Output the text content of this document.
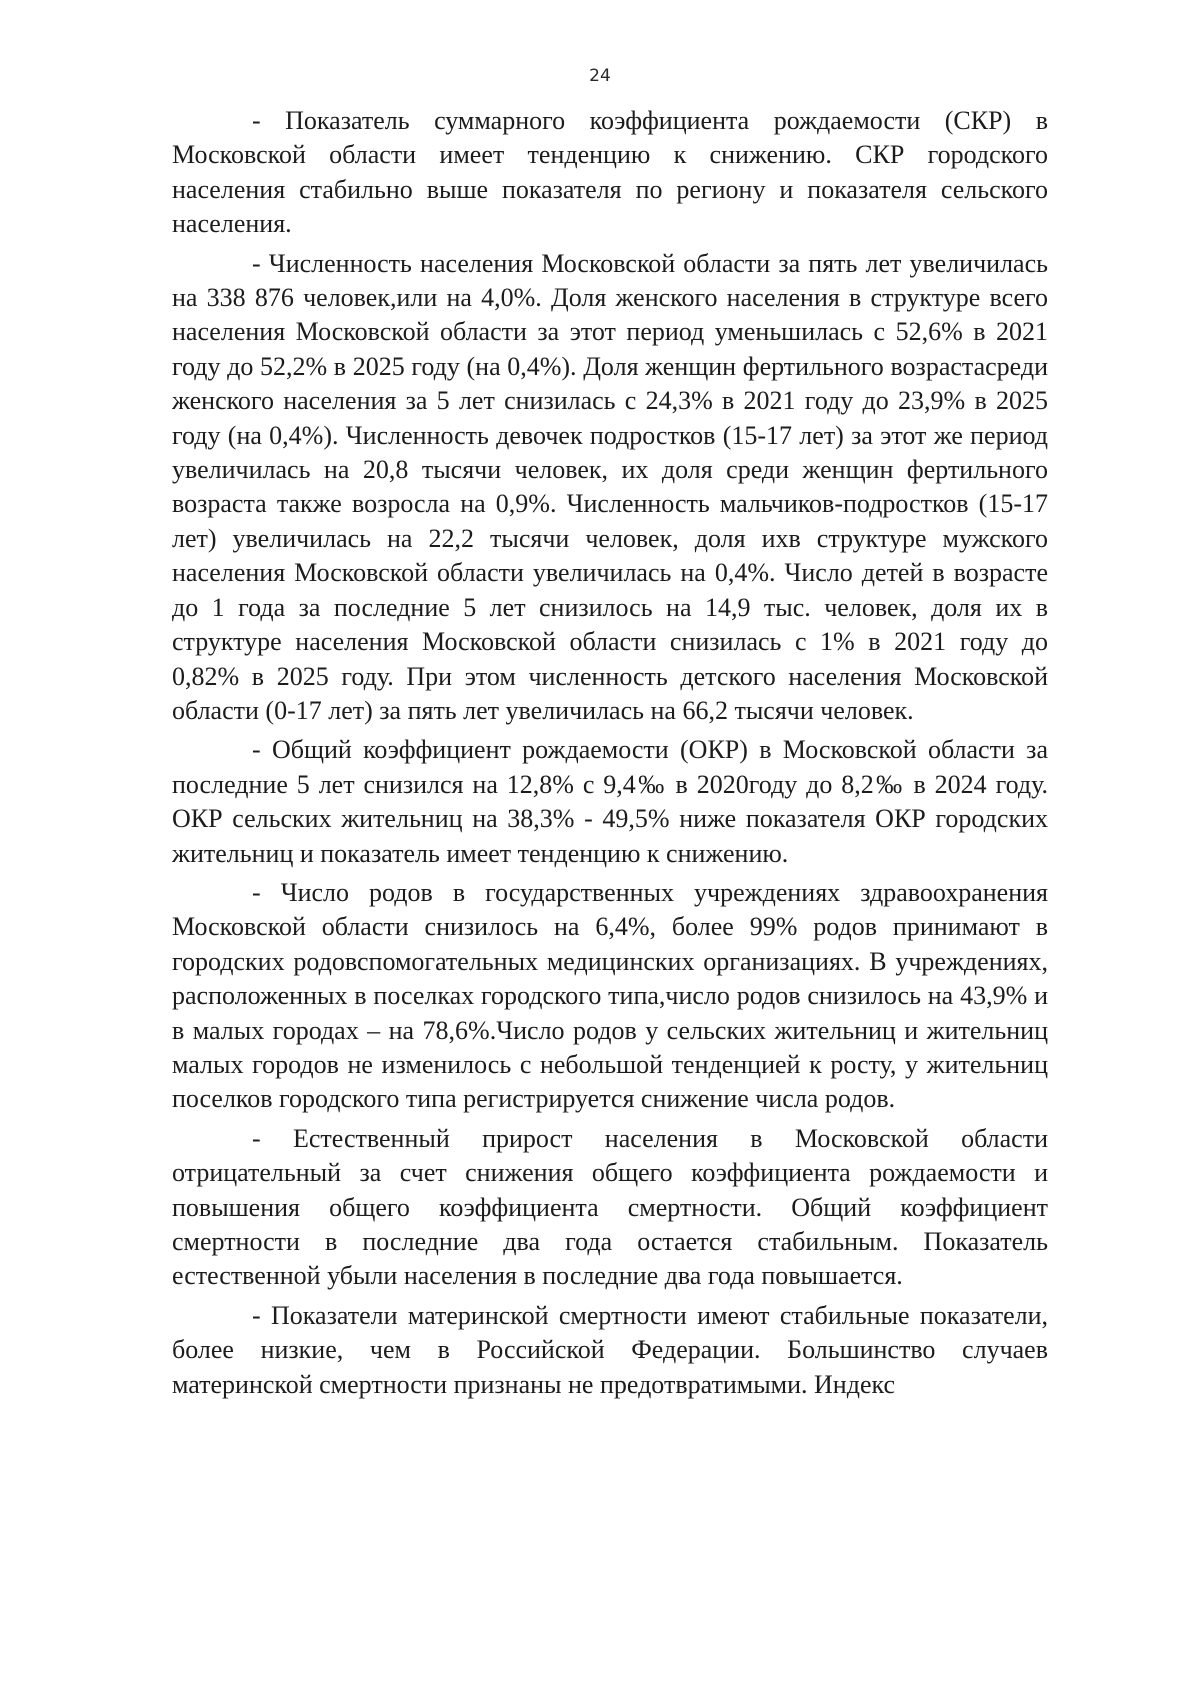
24

- Показатель суммарного коэффициента рождаемости (СКР) в Московской области имеет тенденцию к снижению. СКР городского населения стабильно выше показателя по региону и показателя сельского населения.

- Численность населения Московской области за пять лет увеличилась на 338 876 человек,или на 4,0%. Доля женского населения в структуре всего населения Московской области за этот период уменьшилась с 52,6% в 2021 году до 52,2% в 2025 году (на 0,4%). Доля женщин фертильного возрастасреди женского населения за 5 лет снизилась с 24,3% в 2021 году до 23,9% в 2025 году (на 0,4%). Численность девочек подростков (15-17 лет) за этот же период увеличилась на 20,8 тысячи человек, их доля среди женщин фертильного возраста также возросла на 0,9%. Численность мальчиков-подростков (15-17 лет) увеличилась на 22,2 тысячи человек, доля ихв структуре мужского населения Московской области увеличилась на 0,4%. Число детей в возрасте до 1 года за последние 5 лет снизилось на 14,9 тыс. человек, доля их в структуре населения Московской области снизилась с 1% в 2021 году до 0,82% в 2025 году. При этом численность детского населения Московской области (0-17 лет) за пять лет увеличилась на 66,2 тысячи человек.

- Общий коэффициент рождаемости (ОКР) в Московской области за последние 5 лет снизился на 12,8% с 9,4‰ в 2020году до 8,2‰ в 2024 году. ОКР сельских жительниц на 38,3% - 49,5% ниже показателя ОКР городских жительниц и показатель имеет тенденцию к снижению.

- Число родов в государственных учреждениях здравоохранения Московской области снизилось на 6,4%, более 99% родов принимают в городских родовспомогательных медицинских организациях. В учреждениях, расположенных в поселках городского типа,число родов снизилось на 43,9% и в малых городах – на 78,6%.Число родов у сельских жительниц и жительниц малых городов не изменилось с небольшой тенденцией к росту, у жительниц поселков городского типа регистрируется снижение числа родов.

- Естественный прирост населения в Московской области отрицательный за счет снижения общего коэффициента рождаемости и повышения общего коэффициента смертности. Общий коэффициент смертности в последние два года остается стабильным. Показатель естественной убыли населения в последние два года повышается.

- Показатели материнской смертности имеют стабильные показатели, более низкие, чем в Российской Федерации. Большинство случаев материнской смертности признаны не предотвратимыми. Индекс
